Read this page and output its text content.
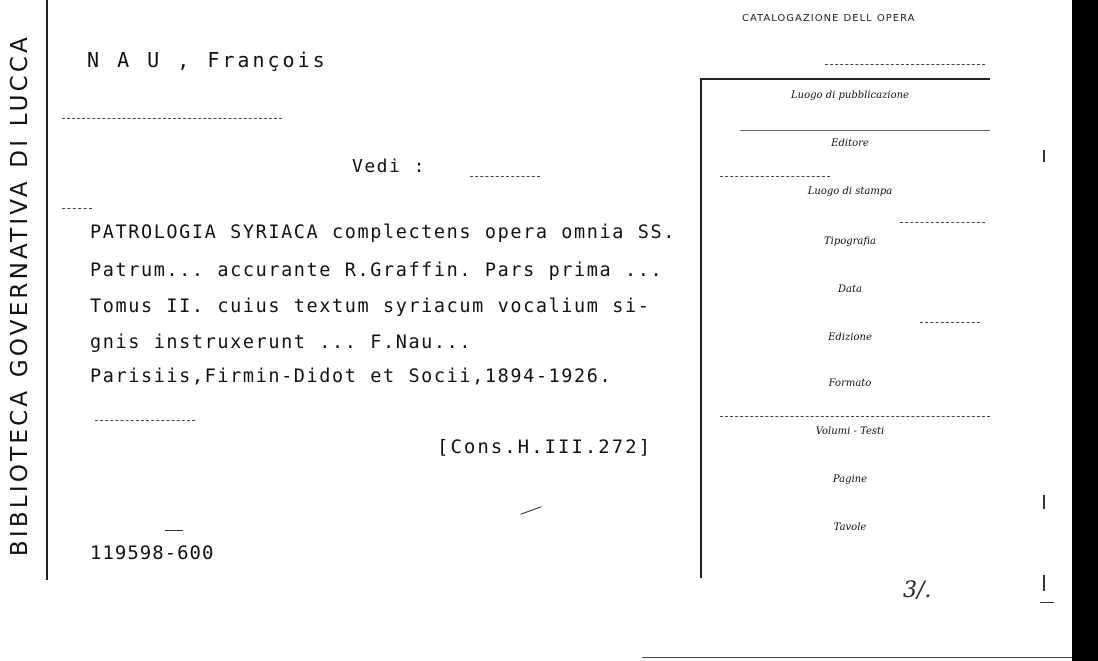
BIBLIOTECA GOVERNATIVA DI LUCCA	N A U , François
Vedi :
PATROLOGIA SYRIACA complectens opera omnia SS.
Patrum... accurante R.Graffin. Pars prima ...
Tomus II. cuius textum syriacum vocalium si-
gnis instruxerunt ... F.Nau...
Parisiis,Firmin-Didot et Socii,1894-1926.
[Cons.H.III.272]
119598-600
CATALOGAZIONE DELL OPERA
Luogo di pubblicazione
Editore
Luogo di stampa
Tipografia
Data
Edizione
Formato
Volumi - Testi
Pagine
Tavole
3/.
